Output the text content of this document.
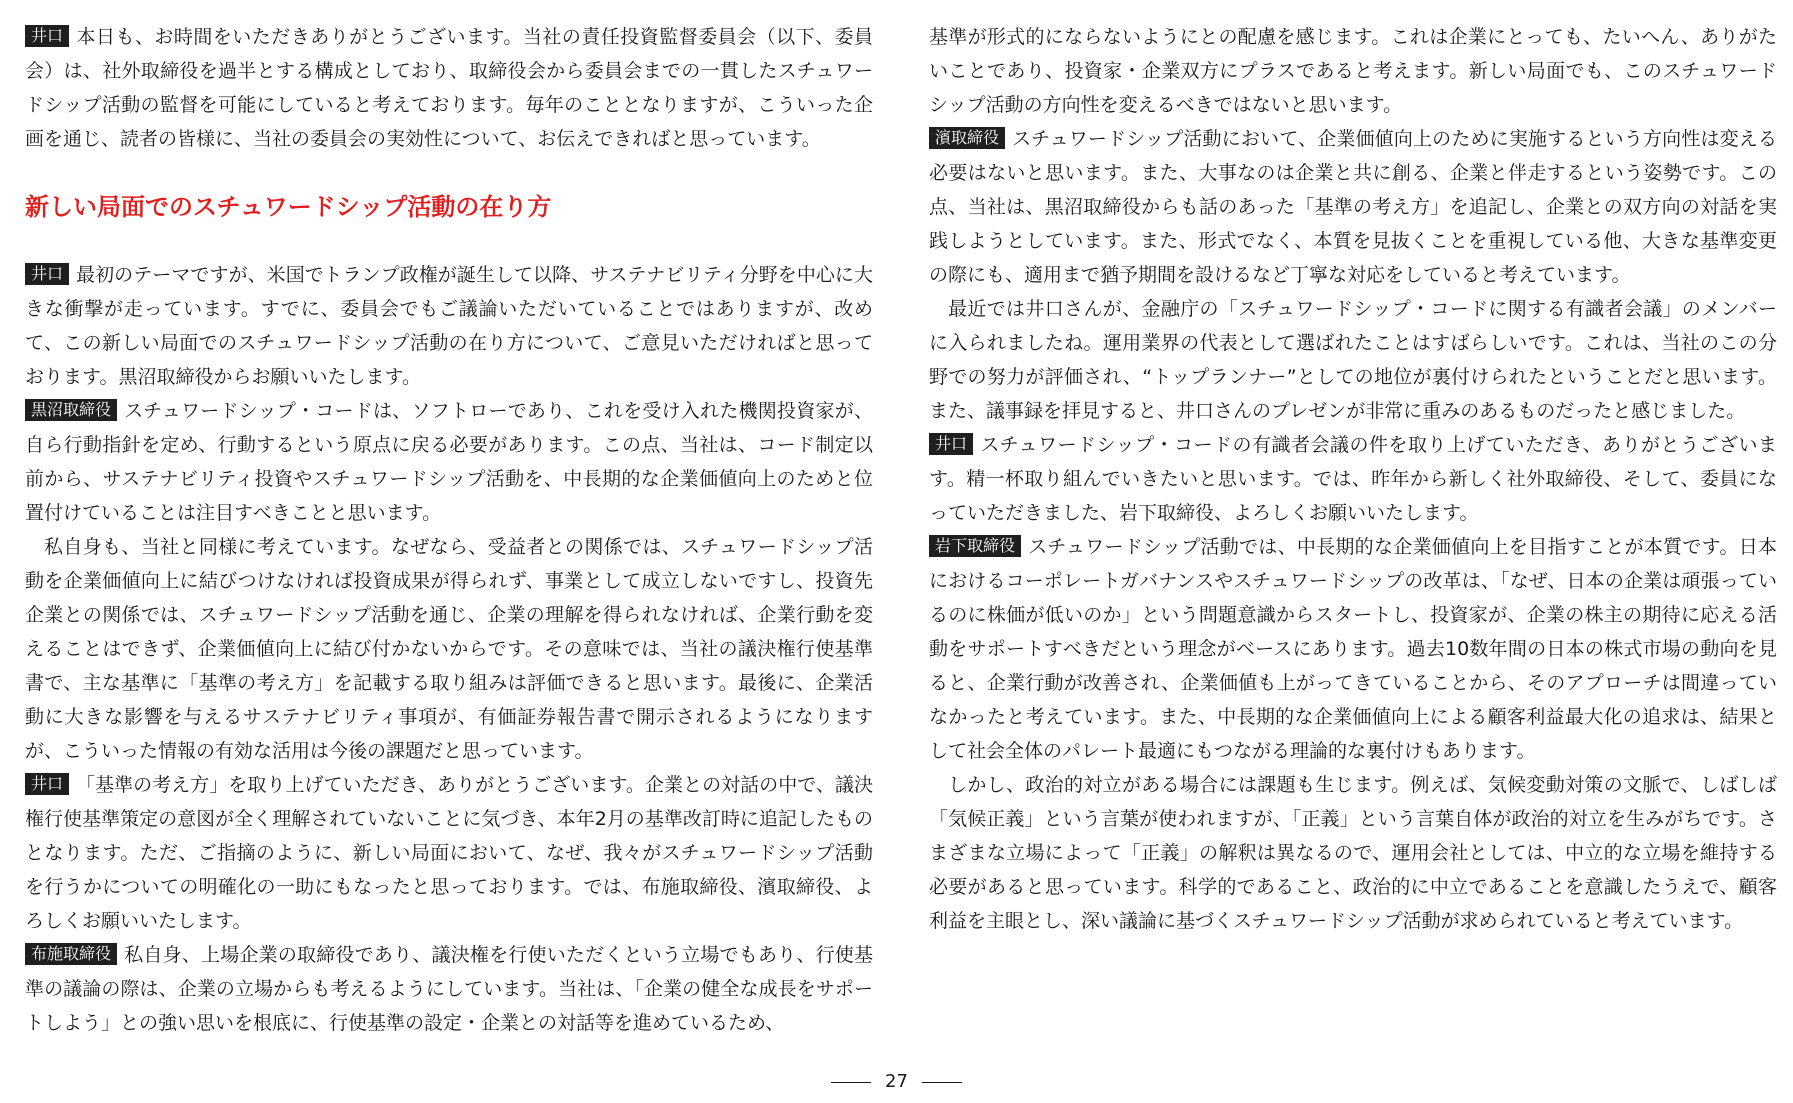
井口 本日も、お時間をいただきありがとうございます。当社の責任投資監督委員会（以下、委員会）は、社外取締役を過半とする構成としており、取締役会から委員会までの一貫したスチュワードシップ活動の監督を可能にしていると考えております。毎年のこととなりますが、こういった企画を通じ、読者の皆様に、当社の委員会の実効性について、お伝えできればと思っています。

新しい局面でのスチュワードシップ活動の在り方

井口 最初のテーマですが、米国でトランプ政権が誕生して以降、サステナビリティ分野を中心に大きな衝撃が走っています。すでに、委員会でもご議論いただいていることではありますが、改めて、この新しい局面でのスチュワードシップ活動の在り方について、ご意見いただければと思っております。黒沼取締役からお願いいたします。

黒沼取締役 スチュワードシップ・コードは、ソフトローであり、これを受け入れた機関投資家が、自ら行動指針を定め、行動するという原点に戻る必要があります。この点、当社は、コード制定以前から、サステナビリティ投資やスチュワードシップ活動を、中長期的な企業価値向上のためと位置付けていることは注目すべきことと思います。

私自身も、当社と同様に考えています。なぜなら、受益者との関係では、スチュワードシップ活動を企業価値向上に結びつけなければ投資成果が得られず、事業として成立しないですし、投資先企業との関係では、スチュワードシップ活動を通じ、企業の理解を得られなければ、企業行動を変えることはできず、企業価値向上に結び付かないからです。その意味では、当社の議決権行使基準書で、主な基準に「基準の考え方」を記載する取り組みは評価できると思います。最後に、企業活動に大きな影響を与えるサステナビリティ事項が、有価証券報告書で開示されるようになりますが、こういった情報の有効な活用は今後の課題だと思っています。

井口 「基準の考え方」を取り上げていただき、ありがとうございます。企業との対話の中で、議決権行使基準策定の意図が全く理解されていないことに気づき、本年2月の基準改訂時に追記したものとなります。ただ、ご指摘のように、新しい局面において、なぜ、我々がスチュワードシップ活動を行うかについての明確化の一助にもなったと思っております。では、布施取締役、濱取締役、よろしくお願いいたします。

布施取締役 私自身、上場企業の取締役であり、議決権を行使いただくという立場でもあり、行使基準の議論の際は、企業の立場からも考えるようにしています。当社は、「企業の健全な成長をサポートしよう」との強い思いを根底に、行使基準の設定・企業との対話等を進めているため、

基準が形式的にならないようにとの配慮を感じます。これは企業にとっても、たいへん、ありがたいことであり、投資家・企業双方にプラスであると考えます。新しい局面でも、このスチュワードシップ活動の方向性を変えるべきではないと思います。

濱取締役 スチュワードシップ活動において、企業価値向上のために実施するという方向性は変える必要はないと思います。また、大事なのは企業と共に創る、企業と伴走するという姿勢です。この点、当社は、黒沼取締役からも話のあった「基準の考え方」を追記し、企業との双方向の対話を実践しようとしています。また、形式でなく、本質を見抜くことを重視している他、大きな基準変更の際にも、適用まで猶予期間を設けるなど丁寧な対応をしていると考えています。

最近では井口さんが、金融庁の「スチュワードシップ・コードに関する有識者会議」のメンバーに入られましたね。運用業界の代表として選ばれたことはすばらしいです。これは、当社のこの分野での努力が評価され、“トップランナー”としての地位が裏付けられたということだと思います。また、議事録を拝見すると、井口さんのプレゼンが非常に重みのあるものだったと感じました。

井口 スチュワードシップ・コードの有識者会議の件を取り上げていただき、ありがとうございます。精一杯取り組んでいきたいと思います。では、昨年から新しく社外取締役、そして、委員になっていただきました、岩下取締役、よろしくお願いいたします。

岩下取締役 スチュワードシップ活動では、中長期的な企業価値向上を目指すことが本質です。日本におけるコーポレートガバナンスやスチュワードシップの改革は、「なぜ、日本の企業は頑張っているのに株価が低いのか」という問題意識からスタートし、投資家が、企業の株主の期待に応える活動をサポートすべきだという理念がベースにあります。過去10数年間の日本の株式市場の動向を見ると、企業行動が改善され、企業価値も上がってきていることから、そのアプローチは間違っていなかったと考えています。また、中長期的な企業価値向上による顧客利益最大化の追求は、結果として社会全体のパレート最適にもつながる理論的な裏付けもあります。

しかし、政治的対立がある場合には課題も生じます。例えば、気候変動対策の文脈で、しばしば「気候正義」という言葉が使われますが、「正義」という言葉自体が政治的対立を生みがちです。さまざまな立場によって「正義」の解釈は異なるので、運用会社としては、中立的な立場を維持する必要があると思っています。科学的であること、政治的に中立であることを意識したうえで、顧客利益を主眼とし、深い議論に基づくスチュワードシップ活動が求められていると考えています。

27
